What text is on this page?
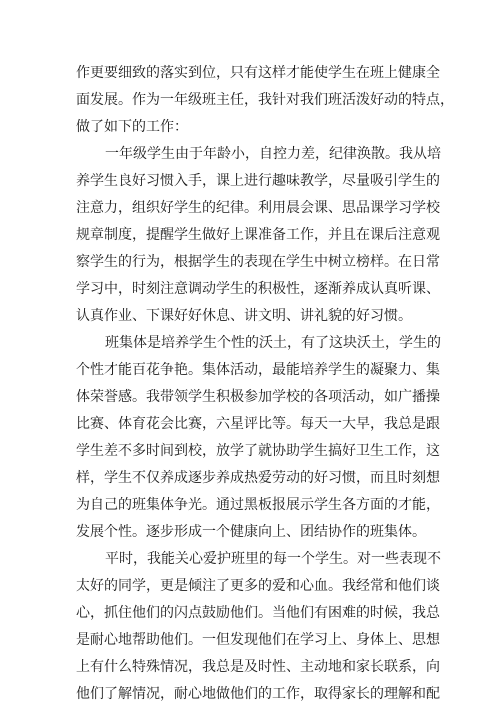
作更要细致的落实到位，只有这样才能使学生在班上健康全
面发展。作为一年级班主任，我针对我们班活泼好动的特点，
做了如下的工作：
一年级学生由于年龄小，自控力差，纪律涣散。我从培
养学生良好习惯入手，课上进行趣味教学，尽量吸引学生的
注意力，组织好学生的纪律。利用晨会课、思品课学习学校
规章制度，提醒学生做好上课准备工作，并且在课后注意观
察学生的行为，根据学生的表现在学生中树立榜样。在日常
学习中，时刻注意调动学生的积极性，逐渐养成认真听课、
认真作业、下课好好休息、讲文明、讲礼貌的好习惯。
班集体是培养学生个性的沃土，有了这块沃土，学生的
个性才能百花争艳。集体活动，最能培养学生的凝聚力、集
体荣誉感。我带领学生积极参加学校的各项活动，如广播操
比赛、体育花会比赛，六星评比等。每天一大早，我总是跟
学生差不多时间到校，放学了就协助学生搞好卫生工作，这
样，学生不仅养成逐步养成热爱劳动的好习惯，而且时刻想
为自己的班集体争光。通过黑板报展示学生各方面的才能，
发展个性。逐步形成一个健康向上、团结协作的班集体。
平时，我能关心爱护班里的每一个学生。对一些表现不
太好的同学，更是倾注了更多的爱和心血。我经常和他们谈
心，抓住他们的闪点鼓励他们。当他们有困难的时候，我总
是耐心地帮助他们。一但发现他们在学习上、身体上、思想
上有什么特殊情况，我总是及时性、主动地和家长联系，向
他们了解情况，耐心地做他们的工作，取得家长的理解和配
